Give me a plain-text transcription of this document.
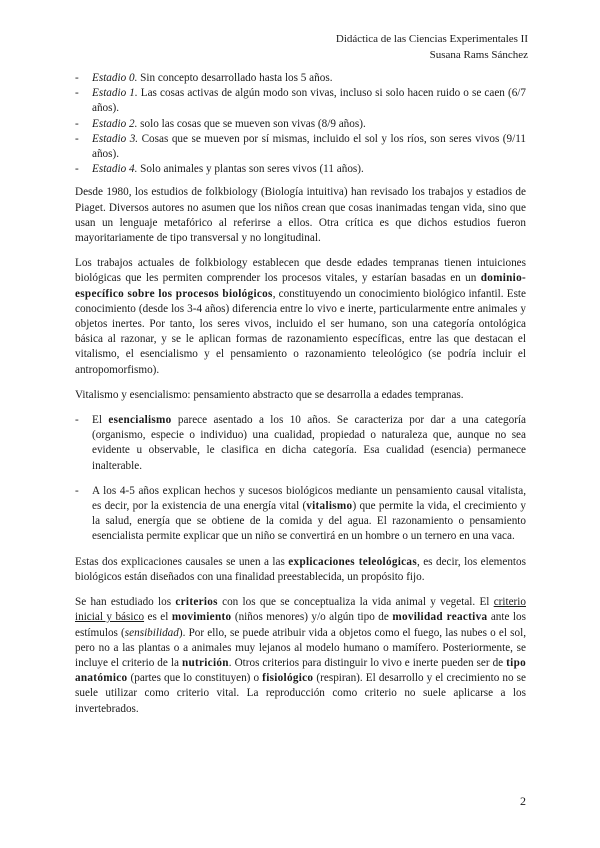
Didáctica de las Ciencias Experimentales II
Susana Rams Sánchez
- Estadio 0. Sin concepto desarrollado hasta los 5 años.
- Estadio 1. Las cosas activas de algún modo son vivas, incluso si solo hacen ruido o se caen (6/7 años).
- Estadio 2. solo las cosas que se mueven son vivas (8/9 años).
- Estadio 3. Cosas que se mueven por sí mismas, incluido el sol y los ríos, son seres vivos (9/11 años).
- Estadio 4. Solo animales y plantas son seres vivos (11 años).

Desde 1980, los estudios de folkbiology (Biología intuitiva) han revisado los trabajos y estadios de Piaget. Diversos autores no asumen que los niños crean que cosas inanimadas tengan vida, sino que usan un lenguaje metafórico al referirse a ellos. Otra crítica es que dichos estudios fueron mayoritariamente de tipo transversal y no longitudinal.

Los trabajos actuales de folkbiology establecen que desde edades tempranas tienen intuiciones biológicas que les permiten comprender los procesos vitales, y estarían basadas en un dominio-específico sobre los procesos biológicos, constituyendo un conocimiento biológico infantil. Este conocimiento (desde los 3-4 años) diferencia entre lo vivo e inerte, particularmente entre animales y objetos inertes. Por tanto, los seres vivos, incluido el ser humano, son una categoría ontológica básica al razonar, y se le aplican formas de razonamiento específicas, entre las que destacan el vitalismo, el esencialismo y el pensamiento o razonamiento teleológico (se podría incluir el antropomorfismo).

Vitalismo y esencialismo: pensamiento abstracto que se desarrolla a edades tempranas.

- El esencialismo parece asentado a los 10 años. Se caracteriza por dar a una categoría (organismo, especie o individuo) una cualidad, propiedad o naturaleza que, aunque no sea evidente u observable, le clasifica en dicha categoría. Esa cualidad (esencia) permanece inalterable.
- A los 4-5 años explican hechos y sucesos biológicos mediante un pensamiento causal vitalista, es decir, por la existencia de una energía vital (vitalismo) que permite la vida, el crecimiento y la salud, energía que se obtiene de la comida y del agua. El razonamiento o pensamiento esencialista permite explicar que un niño se convertirá en un hombre o un ternero en una vaca.

Estas dos explicaciones causales se unen a las explicaciones teleológicas, es decir, los elementos biológicos están diseñados con una finalidad preestablecida, un propósito fijo.

Se han estudiado los criterios con los que se conceptualiza la vida animal y vegetal. El criterio inicial y básico es el movimiento (niños menores) y/o algún tipo de movilidad reactiva ante los estímulos (sensibilidad). Por ello, se puede atribuir vida a objetos como el fuego, las nubes o el sol, pero no a las plantas o a animales muy lejanos al modelo humano o mamífero. Posteriormente, se incluye el criterio de la nutrición. Otros criterios para distinguir lo vivo e inerte pueden ser de tipo anatómico (partes que lo constituyen) o fisiológico (respiran). El desarrollo y el crecimiento no se suele utilizar como criterio vital. La reproducción como criterio no suele aplicarse a los invertebrados.

2
